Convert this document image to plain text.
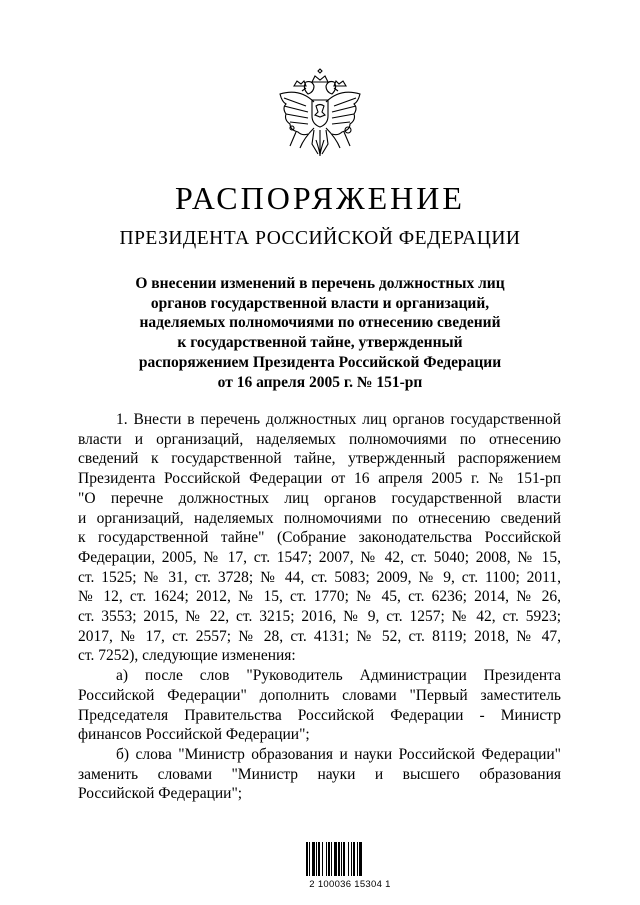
РАСПОРЯЖЕНИЕ
ПРЕЗИДЕНТА РОССИЙСКОЙ ФЕДЕРАЦИИ
О внесении изменений в перечень должностных лиц
органов государственной власти и организаций,
наделяемых полномочиями по отнесению сведений
к государственной тайне, утвержденный
распоряжением Президента Российской Федерации
от 16 апреля 2005 г. № 151-рп
1. Внести в перечень должностных лиц органов государственной
власти и организаций, наделяемых полномочиями по отнесению
сведений к государственной тайне, утвержденный распоряжением
Президента Российской Федерации от 16 апреля 2005 г. № 151-рп
"О перечне должностных лиц органов государственной власти
и организаций, наделяемых полномочиями по отнесению сведений
к государственной тайне" (Собрание законодательства Российской
Федерации, 2005, № 17, ст. 1547; 2007, № 42, ст. 5040; 2008, № 15,
ст. 1525; № 31, ст. 3728; № 44, ст. 5083; 2009, № 9, ст. 1100; 2011,
№ 12, ст. 1624; 2012, № 15, ст. 1770; № 45, ст. 6236; 2014, № 26,
ст. 3553; 2015, № 22, ст. 3215; 2016, № 9, ст. 1257; № 42, ст. 5923;
2017, № 17, ст. 2557; № 28, ст. 4131; № 52, ст. 8119; 2018, № 47,
ст. 7252), следующие изменения:
а) после слов "Руководитель Администрации Президента
Российской Федерации" дополнить словами "Первый заместитель
Председателя Правительства Российской Федерации - Министр
финансов Российской Федерации";
б) слова "Министр образования и науки Российской Федерации"
заменить словами "Министр науки и высшего образования
Российской Федерации";
2 100036 15304 1
